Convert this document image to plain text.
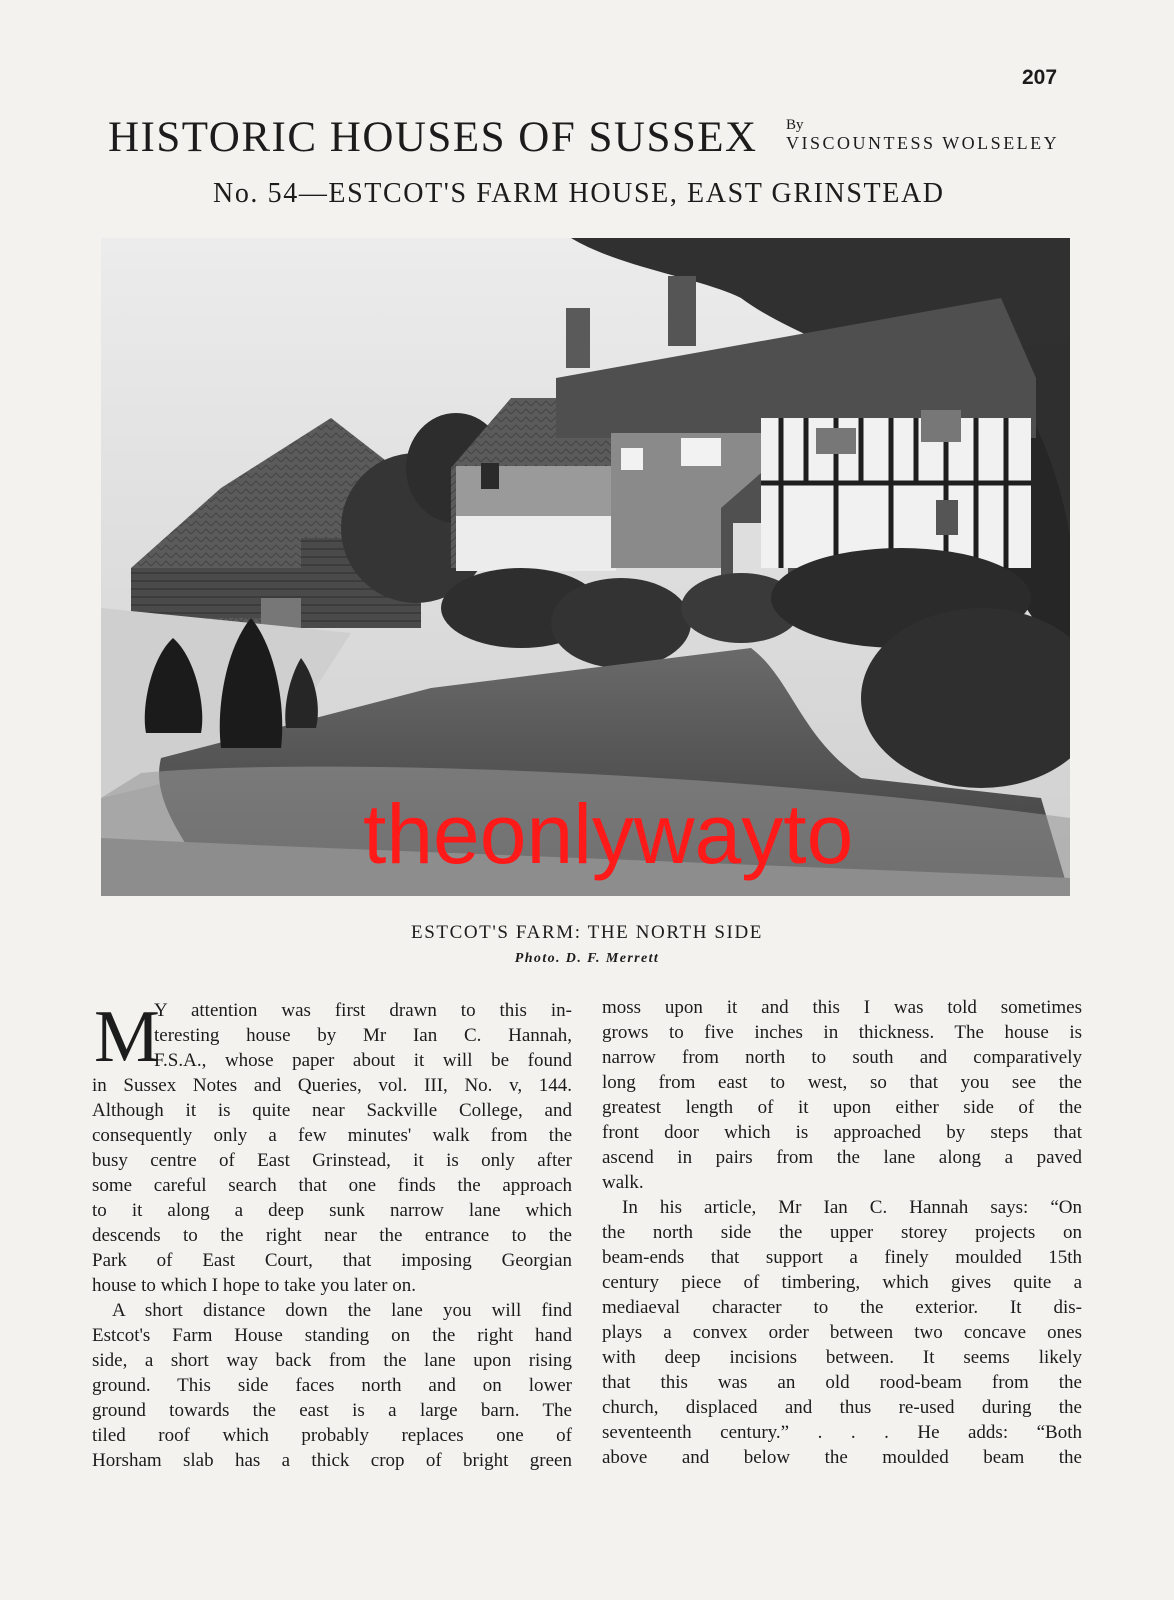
207
HISTORIC HOUSES OF SUSSEX By
VISCOUNTESS WOLSELEY
No. 54—ESTCOT'S FARM HOUSE, EAST GRINSTEAD
theonlywayto
ESTCOT'S FARM: THE NORTH SIDE
Photo. D. F. Merrett
M
Y attention was first drawn to this in-
teresting house by Mr Ian C. Hannah,
F.S.A., whose paper about it will be found
in Sussex Notes and Queries, vol. III, No. v, 144.
Although it is quite near Sackville College, and
consequently only a few minutes' walk from the
busy centre of East Grinstead, it is only after
some careful search that one finds the approach
to it along a deep sunk narrow lane which
descends to the right near the entrance to the
Park of East Court, that imposing Georgian
house to which I hope to take you later on.
A short distance down the lane you will find
Estcot's Farm House standing on the right hand
side, a short way back from the lane upon rising
ground. This side faces north and on lower
ground towards the east is a large barn. The
tiled roof which probably replaces one of
Horsham slab has a thick crop of bright green
moss upon it and this I was told sometimes
grows to five inches in thickness. The house is
narrow from north to south and comparatively
long from east to west, so that you see the
greatest length of it upon either side of the
front door which is approached by steps that
ascend in pairs from the lane along a paved
walk.
In his article, Mr Ian C. Hannah says: “On
the north side the upper storey projects on
beam-ends that support a finely moulded 15th
century piece of timbering, which gives quite a
mediaeval character to the exterior. It dis-
plays a convex order between two concave ones
with deep incisions between. It seems likely
that this was an old rood-beam from the
church, displaced and thus re-used during the
seventeenth century.” . . . He adds: “Both
above and below the moulded beam the
